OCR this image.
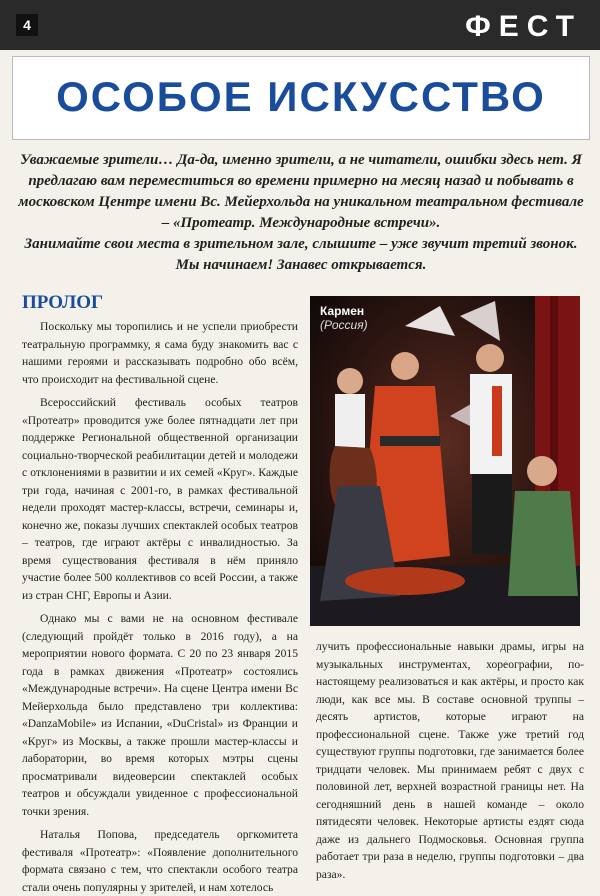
4	ФЕСТ
ОСОБОЕ ИСКУССТВО

Уважаемые зрители… Да-да, именно зрители, а не читатели, ошибки здесь нет. Я предлагаю вам переместиться во времени примерно на месяц назад и побывать в московском Центре имени Вс. Мейерхольда на уникальном театральном фестивале – «Протеатр. Международные встречи».

Занимайте свои места в зрительном зале, слышите – уже звучит третий звонок. Мы начинаем! Занавес открывается.

ПРОЛОГ

Поскольку мы торопились и не успели приобрести театральную программку, я сама буду знакомить вас с нашими героями и рассказывать подробно обо всём, что происходит на фестивальной сцене.

Всероссийский фестиваль особых театров «Протеатр» проводится уже более пятнадцати лет при поддержке Региональной общественной организации социально-творческой реабилитации детей и молодежи с отклонениями в развитии и их семей «Круг». Каждые три года, начиная с 2001-го, в рамках фестивальной недели проходят мастер-классы, встречи, семинары и, конечно же, показы лучших спектаклей особых театров – театров, где играют актёры с инвалидностью. За время существования фестиваля в нём приняло участие более 500 коллективов со всей России, а также из стран СНГ, Европы и Азии.

Однако мы с вами не на основном фестивале (следующий пройдёт только в 2016 году), а на мероприятии нового формата. С 20 по 23 января 2015 года в рамках движения «Протеатр» состоялись «Международные встречи». На сцене Центра имени Вс Мейерхольда было представлено три коллектива: «DanzaMobile» из Испании, «DuCristal» из Франции и «Круг» из Москвы, а также прошли мастер-классы и лаборатории, во время которых мэтры сцены просматривали видеоверсии спектаклей особых театров и обсуждали увиденное с профессиональной точки зрения.

Наталья Попова, председатель оргкомитета фестиваля «Протеатр»: «Появление дополнительного формата связано с тем, что спектакли особого театра стали очень популярны у зрителей, и нам хотелось

Кармен
(Россия)
лучить профессиональные навыки драмы, игры на музыкальных инструментах, хореографии, по-настоящему реализоваться и как актёры, и просто как люди, как все мы. В составе основной труппы – десять артистов, которые играют на профессиональной сцене. Также уже третий год существуют группы подготовки, где занимается более тридцати человек. Мы принимаем ребят с двух с половиной лет, верхней возрастной границы нет. На сегодняшний день в нашей команде – около пятидесяти человек. Некоторые артисты ездят сюда даже из дальнего Подмосковья. Основная группа работает три раза в неделю, группы подготовки – два раза».
